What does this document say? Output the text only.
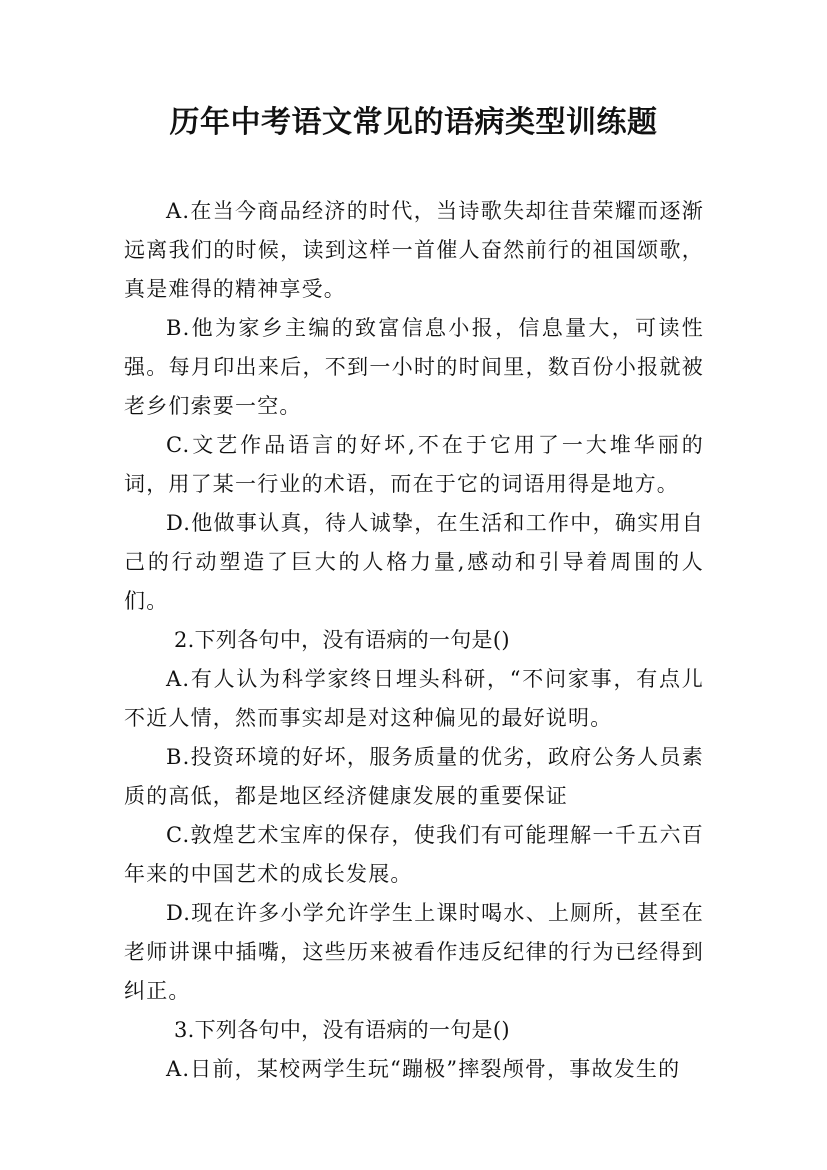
历年中考语文常见的语病类型训练题

A.在当今商品经济的时代，当诗歌失却往昔荣耀而逐渐远离我们的时候，读到这样一首催人奋然前行的祖国颂歌，真是难得的精神享受。

B.他为家乡主编的致富信息小报，信息量大，可读性强。每月印出来后，不到一小时的时间里，数百份小报就被老乡们索要一空。

C.文艺作品语言的好坏,不在于它用了一大堆华丽的词，用了某一行业的术语，而在于它的词语用得是地方。

D.他做事认真，待人诚挚，在生活和工作中，确实用自己的行动塑造了巨大的人格力量,感动和引导着周围的人们。

2.下列各句中，没有语病的一句是()

A.有人认为科学家终日埋头科研，“不问家事，有点儿不近人情，然而事实却是对这种偏见的最好说明。

B.投资环境的好坏，服务质量的优劣，政府公务人员素质的高低，都是地区经济健康发展的重要保证

C.敦煌艺术宝库的保存，使我们有可能理解一千五六百年来的中国艺术的成长发展。

D.现在许多小学允许学生上课时喝水、上厕所，甚至在老师讲课中插嘴，这些历来被看作违反纪律的行为已经得到纠正。

3.下列各句中，没有语病的一句是()

A.日前，某校两学生玩“蹦极”摔裂颅骨，事故发生的
